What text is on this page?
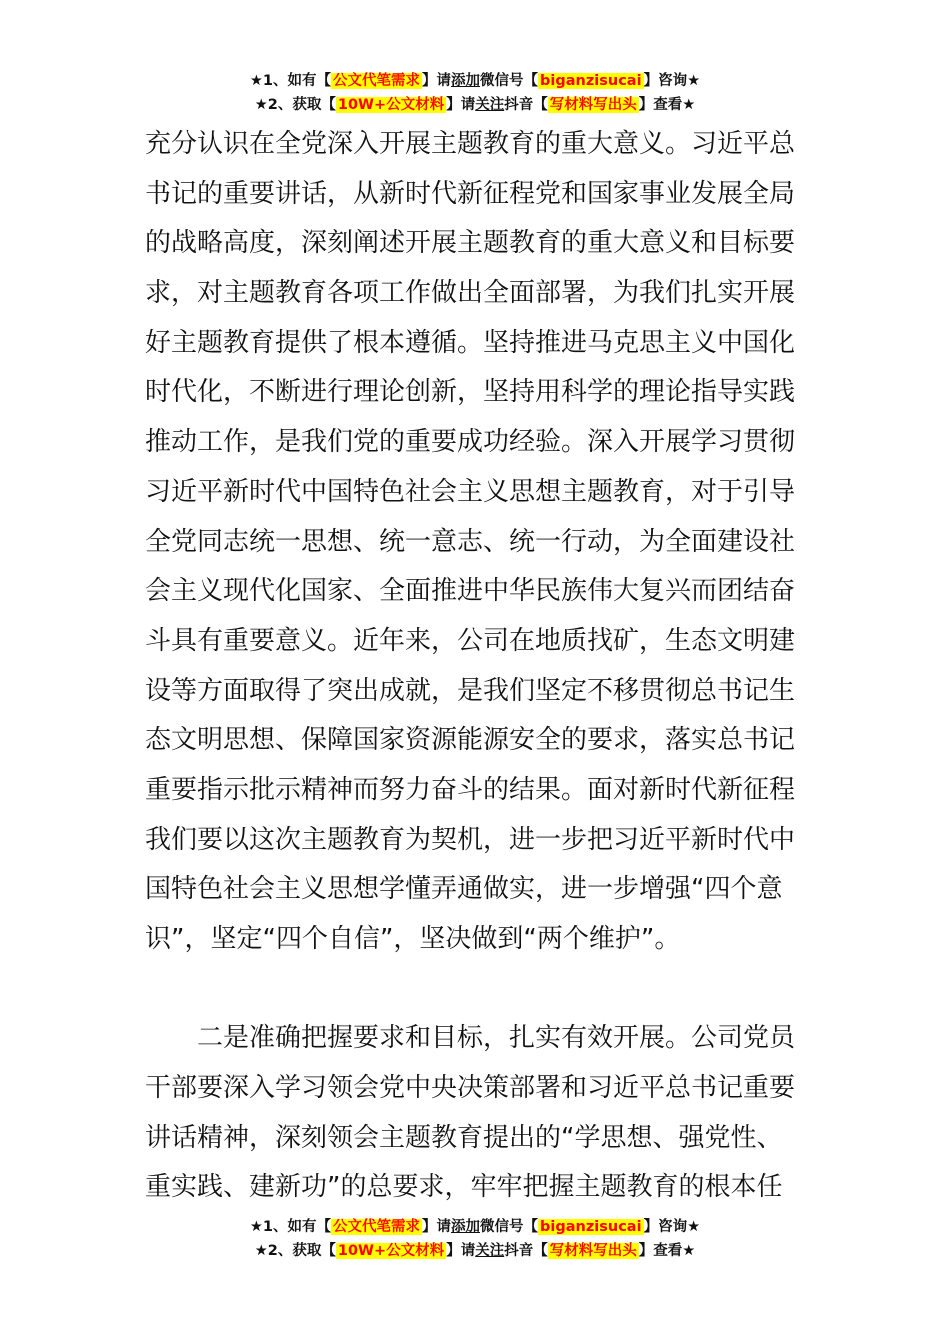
★1、如有【 公文代笔需求 】请添加微信号【 biganzisucai 】咨询★
★2、获取【 10W+公文材料 】请关注抖音【 写材料写出头 】查看★
充分认识在全党深入开展主题教育的重大意义。习近平总
书记的重要讲话，从新时代新征程党和国家事业发展全局
的战略高度，深刻阐述开展主题教育的重大意义和目标要
求，对主题教育各项工作做出全面部署，为我们扎实开展
好主题教育提供了根本遵循。坚持推进马克思主义中国化
时代化，不断进行理论创新，坚持用科学的理论指导实践
推动工作，是我们党的重要成功经验。深入开展学习贯彻
习近平新时代中国特色社会主义思想主题教育，对于引导
全党同志统一思想、统一意志、统一行动，为全面建设社
会主义现代化国家、全面推进中华民族伟大复兴而团结奋
斗具有重要意义。近年来，公司在地质找矿，生态文明建
设等方面取得了突出成就，是我们坚定不移贯彻总书记生
态文明思想、保障国家资源能源安全的要求，落实总书记
重要指示批示精神而努力奋斗的结果。面对新时代新征程
我们要以这次主题教育为契机，进一步把习近平新时代中
国特色社会主义思想学懂弄通做实，进一步增强“四个意
识”，坚定“四个自信”，坚决做到“两个维护”。
二是准确把握要求和目标，扎实有效开展。公司党员
干部要深入学习领会党中央决策部署和习近平总书记重要
讲话精神，深刻领会主题教育提出的“学思想、强党性、
重实践、建新功”的总要求，牢牢把握主题教育的根本任
★1、如有【 公文代笔需求 】请添加微信号【 biganzisucai 】咨询★
★2、获取【 10W+公文材料 】请关注抖音【 写材料写出头 】查看★
